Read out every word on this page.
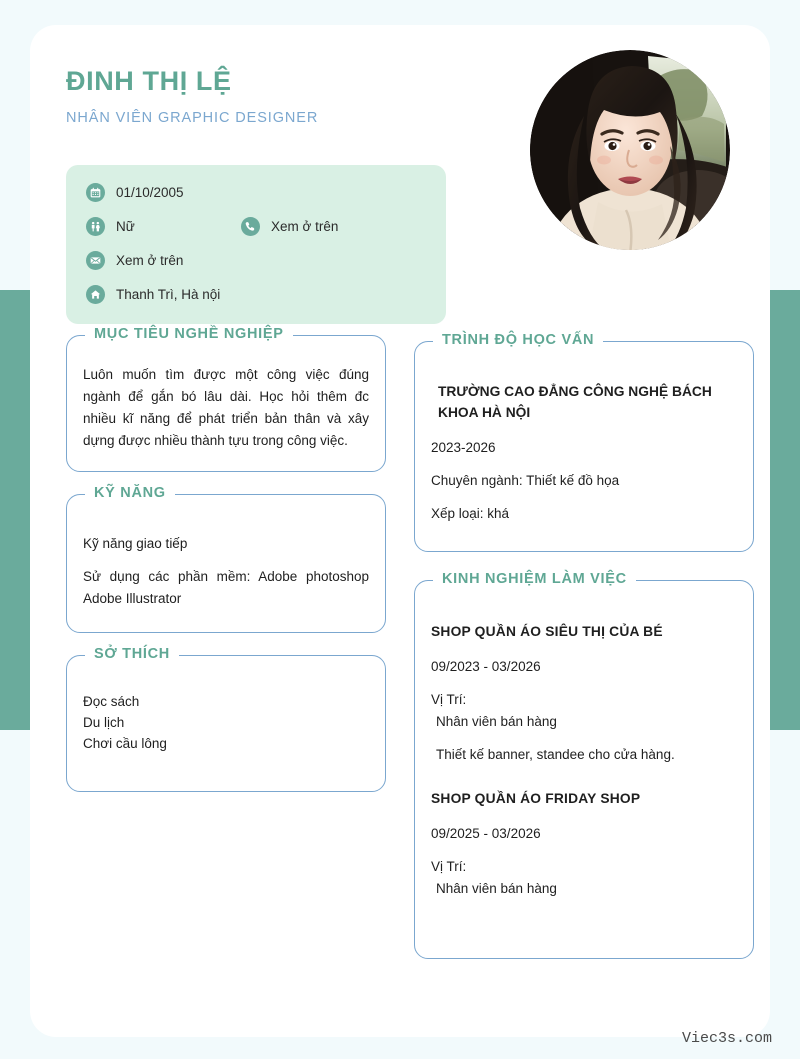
ĐINH THỊ LỆ
NHÂN VIÊN GRAPHIC DESIGNER
01/10/2005
Nữ	Xem ở trên
Xem ở trên
Thanh Trì, Hà nội
MỤC TIÊU NGHỀ NGHIỆP

Luôn muốn tìm được một công việc đúng ngành để gắn bó lâu dài. Học hỏi thêm đc nhiều kĩ năng để phát triển bản thân và xây dựng được nhiều thành tựu trong công việc.

KỸ NĂNG

Kỹ năng giao tiếp

Sử dụng các phần mềm: Adobe photoshop Adobe Illustrator

SỞ THÍCH

Đọc sách

Du lịch

Chơi cầu lông

TRÌNH ĐỘ HỌC VẤN
TRƯỜNG CAO ĐẲNG CÔNG NGHỆ BÁCH KHOA HÀ NỘI

2023-2026

Chuyên ngành: Thiết kế đồ họa

Xếp loại: khá

KINH NGHIỆM LÀM VIỆC
SHOP QUẦN ÁO SIÊU THỊ CỦA BÉ
09/2023 - 03/2026
Vị Trí:
Nhân viên bán hàng
Thiết kế banner, standee cho cửa hàng.
SHOP QUẦN ÁO FRIDAY SHOP
09/2025 - 03/2026
Vị Trí:
Nhân viên bán hàng
Viec3s.com
